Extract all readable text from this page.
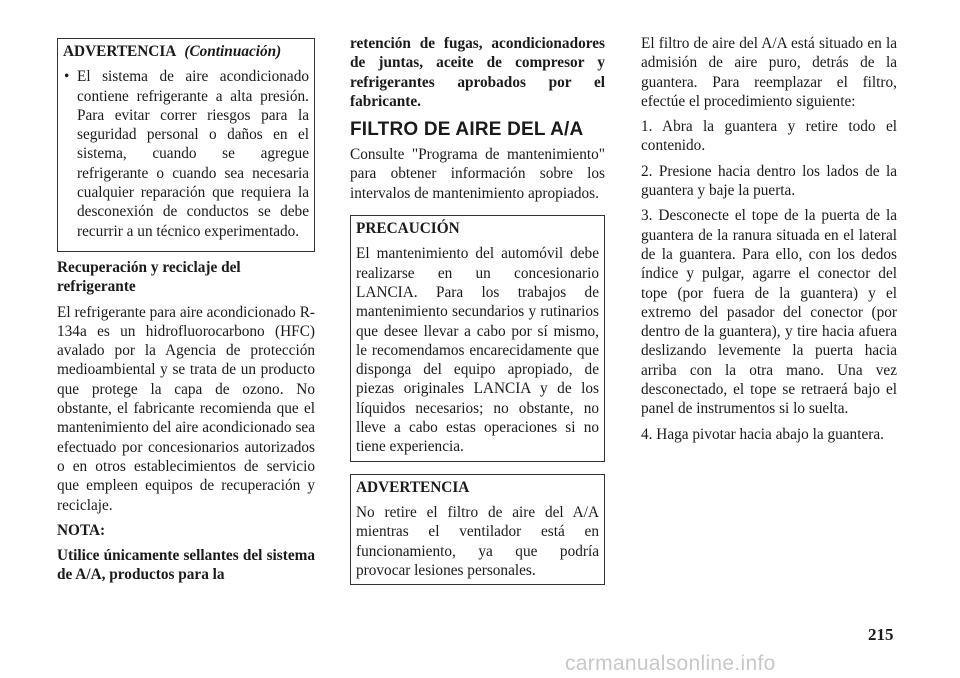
ADVERTENCIA (Continuación)

• El sistema de aire acondicionado contiene refrigerante a alta presión. Para evitar correr riesgos para la seguridad personal o daños en el sistema, cuando se agregue refrigerante o cuando sea necesaria cualquier reparación que requiera la desconexión de conductos se debe recurrir a un técnico experimentado.

Recuperación y reciclaje del refrigerante

El refrigerante para aire acondicionado R-134a es un hidrofluorocarbono (HFC) avalado por la Agencia de protección medioambiental y se trata de un producto que protege la capa de ozono. No obstante, el fabricante recomienda que el mantenimiento del aire acondicionado sea efectuado por concesionarios autorizados o en otros establecimientos de servicio que empleen equipos de recuperación y reciclaje.

NOTA:

Utilice únicamente sellantes del sistema de A/A, productos para la

retención de fugas, acondicionadores de juntas, aceite de compresor y refrigerantes aprobados por el fabricante.

FILTRO DE AIRE DEL A/A

Consulte "Programa de mantenimiento" para obtener información sobre los intervalos de mantenimiento apropiados.

PRECAUCIÓN

El mantenimiento del automóvil debe realizarse en un concesionario LANCIA. Para los trabajos de mantenimiento secundarios y rutinarios que desee llevar a cabo por sí mismo, le recomendamos encarecidamente que disponga del equipo apropiado, de piezas originales LANCIA y de los líquidos necesarios; no obstante, no lleve a cabo estas operaciones si no tiene experiencia.

ADVERTENCIA

No retire el filtro de aire del A/A mientras el ventilador está en funcionamiento, ya que podría provocar lesiones personales.

El filtro de aire del A/A está situado en la admisión de aire puro, detrás de la guantera. Para reemplazar el filtro, efectúe el procedimiento siguiente:

1. Abra la guantera y retire todo el contenido.

2. Presione hacia dentro los lados de la guantera y baje la puerta.

3. Desconecte el tope de la puerta de la guantera de la ranura situada en el lateral de la guantera. Para ello, con los dedos índice y pulgar, agarre el conector del tope (por fuera de la guantera) y el extremo del pasador del conector (por dentro de la guantera), y tire hacia afuera deslizando levemente la puerta hacia arriba con la otra mano. Una vez desconectado, el tope se retraerá bajo el panel de instrumentos si lo suelta.

4. Haga pivotar hacia abajo la guantera.

215
carmanualsonline.info
